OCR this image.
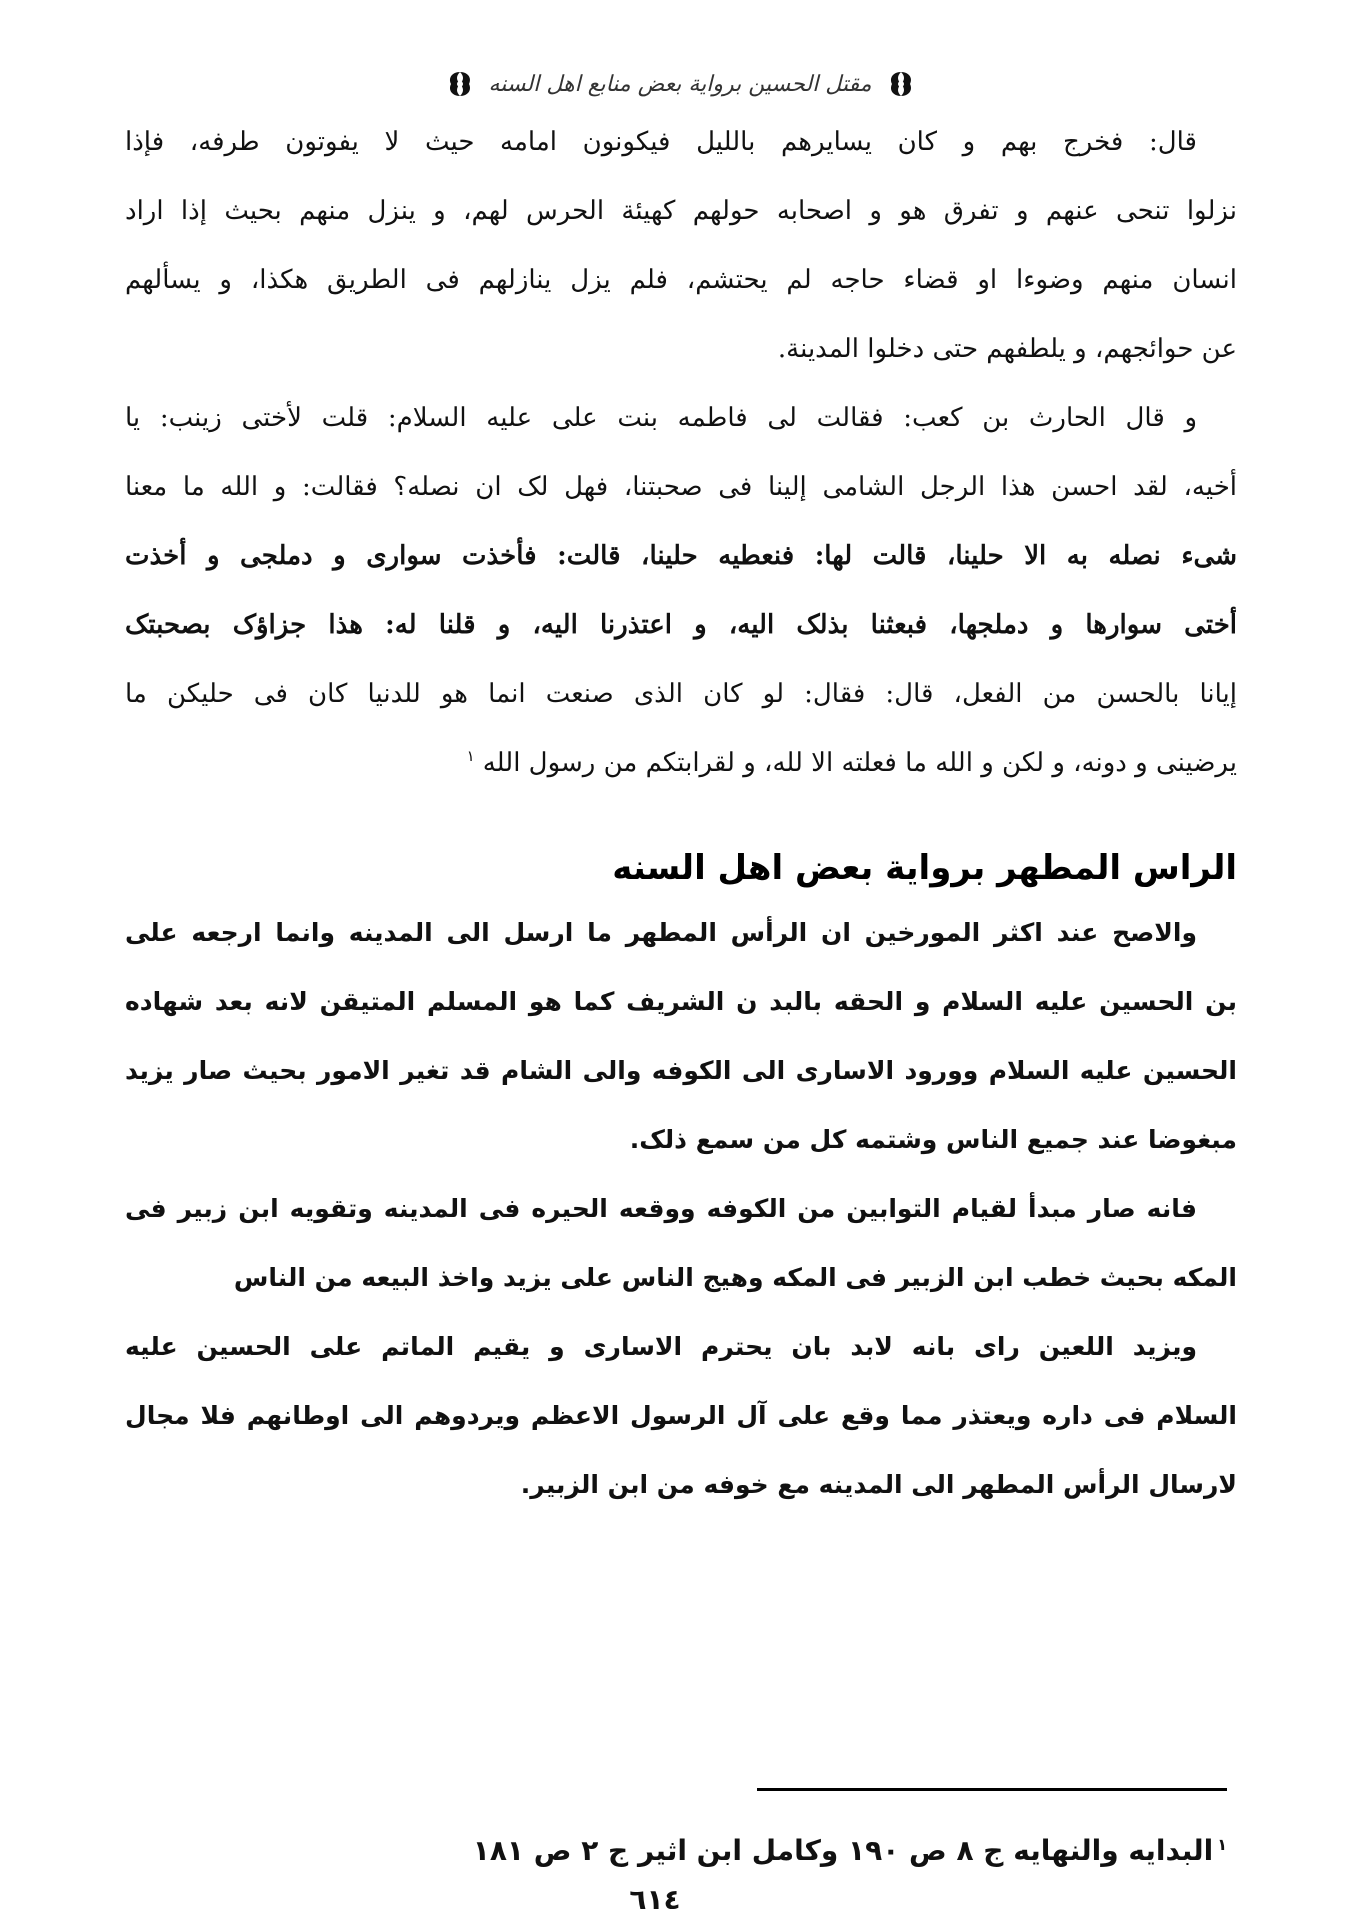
مقتل الحسين برواية بعض منابع اهل السنه
قال: فخرج بهم و كان يسايرهم بالليل فيكونون امامه حيث لا يفوتون طرفه، فإذا
نزلوا تنحى عنهم و تفرق هو و اصحابه حولهم كهيئة الحرس لهم، و ينزل منهم بحيث إذا اراد
انسان منهم وضوءا او قضاء حاجه لم يحتشم، فلم يزل ينازلهم فى الطريق هكذا، و يسألهم
عن حوائجهم، و يلطفهم حتى دخلوا المدينة.
و قال الحارث بن كعب: فقالت لى فاطمه بنت على عليه السلام: قلت لأختى زينب: يا
أخيه، لقد احسن هذا الرجل الشامى إلينا فى صحبتنا، فهل لک ان نصله؟ فقالت: و الله ما معنا
شىء نصله به الا حلينا، قالت لها: فنعطيه حلينا، قالت: فأخذت سوارى و دملجى و أخذت
أختى سوارها و دملجها، فبعثنا بذلک اليه، و اعتذرنا اليه، و قلنا له: هذا جزاؤک بصحبتک
إيانا بالحسن من الفعل، قال: فقال: لو كان الذى صنعت انما هو للدنيا كان فى حليكن ما
يرضينى و دونه، و لكن و الله ما فعلته الا لله، و لقرابتكم من رسول الله$^١$
الراس المطهر برواية بعض اهل السنه
والاصح عند اكثر المورخين ان الرأس المطهر ما ارسل الى المدينه وانما ارجعه على
بن الحسين عليه السلام و الحقه بالبد ن الشريف كما هو المسلم المتيقن لانه بعد شهاده
الحسين عليه السلام وورود الاسارى الى الكوفه والى الشام قد تغير الامور بحيث صار يزيد
مبغوضا عند جميع الناس وشتمه كل من سمع ذلک.
فانه صار مبدأ لقيام التوابين من الكوفه ووقعه الحيره فى المدينه وتقويه ابن زبير فى
المكه بحيث خطب ابن الزبير فى المكه وهيج الناس على يزيد واخذ البيعه من الناس
ويزيد اللعين راى بانه لابد بان يحترم الاسارى و يقيم الماتم على الحسين عليه
السلام فى داره ويعتذر مما وقع على آل الرسول الاعظم ويردوهم الى اوطانهم فلا مجال
لارسال الرأس المطهر الى المدينه مع خوفه من ابن الزبير.
$^١$البدايه والنهايه ج ٨ ص ١٩٠ وكامل ابن اثير ج ٢ ص ١٨١
٦١٤
